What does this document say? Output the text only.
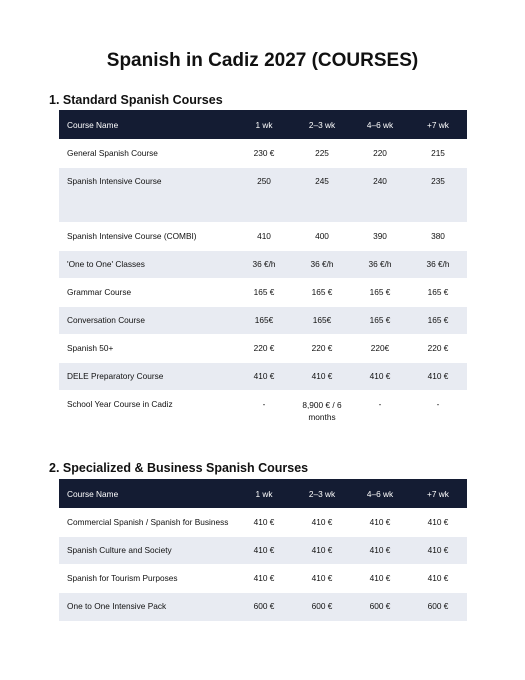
Spanish in Cadiz 2027 (COURSES)
1. Standard Spanish Courses
Course Name	1 wk	2–3 wk	4–6 wk	+7 wk
General Spanish Course	230 €	225	220	215
Spanish Intensive Course	250	245	240	235
Spanish Intensive Course (COMBI)	410	400	390	380
'One to One' Classes	36 €/h	36 €/h	36 €/h	36 €/h
Grammar Course	165 €	165 €	165 €	165 €
Conversation Course	165€	165€	165 €	165 €
Spanish 50+	220 €	220 €	220€	220 €
DELE Preparatory Course	410 €	410 €	410 €	410 €
School Year Course in Cadiz	-	8,900 € / 6 months	-	-
2. Specialized & Business Spanish Courses
Course Name	1 wk	2–3 wk	4–6 wk	+7 wk
Commercial Spanish / Spanish for Business	410 €	410 €	410 €	410 €
Spanish Culture and Society	410 €	410 €	410 €	410 €
Spanish for Tourism Purposes	410 €	410 €	410 €	410 €
One to One Intensive Pack	600 €	600 €	600 €	600 €
